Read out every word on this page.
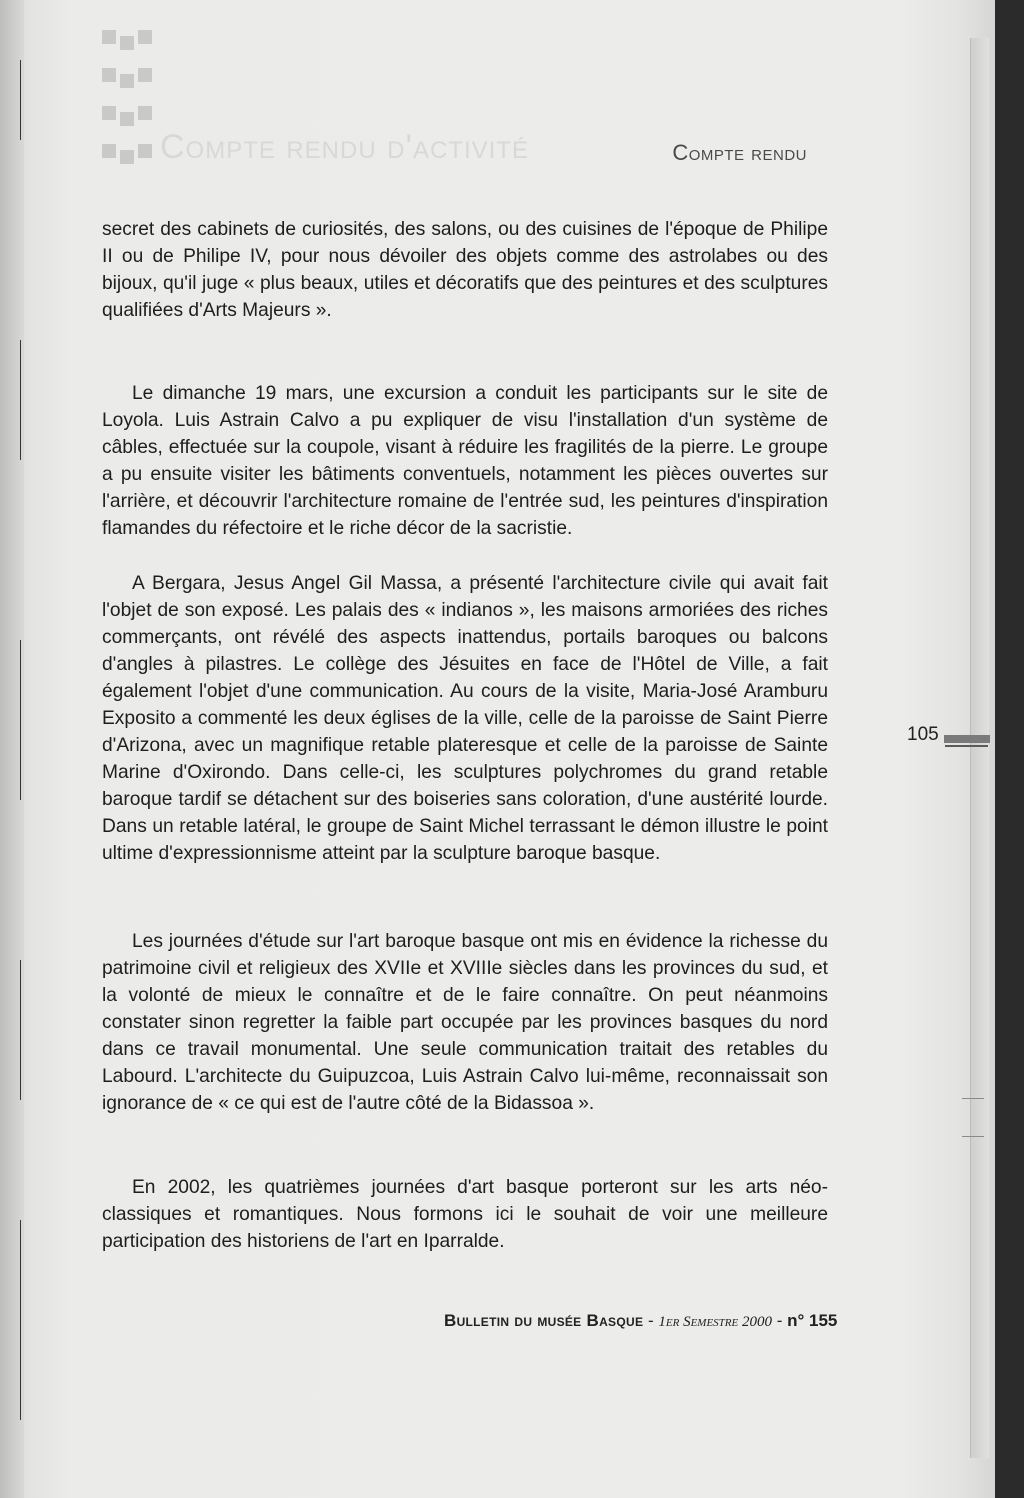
Compte rendu d'activité	Compte rendu

secret des cabinets de curiosités, des salons, ou des cuisines de l'époque de Philipe II ou de Philipe IV, pour nous dévoiler des objets comme des astrolabes ou des bijoux, qu'il juge « plus beaux, utiles et décoratifs que des peintures et des sculptures qualifiées d'Arts Majeurs ».

Le dimanche 19 mars, une excursion a conduit les participants sur le site de Loyola. Luis Astrain Calvo a pu expliquer de visu l'installation d'un système de câbles, effectuée sur la coupole, visant à réduire les fragilités de la pierre. Le groupe a pu ensuite visiter les bâtiments conventuels, notamment les pièces ouvertes sur l'arrière, et découvrir l'architecture romaine de l'entrée sud, les peintures d'inspiration flamandes du réfectoire et le riche décor de la sacristie.

A Bergara, Jesus Angel Gil Massa, a présenté l'architecture civile qui avait fait l'objet de son exposé. Les palais des « indianos », les maisons armoriées des riches commerçants, ont révélé des aspects inattendus, portails baroques ou balcons d'angles à pilastres. Le collège des Jésuites en face de l'Hôtel de Ville, a fait également l'objet d'une communication. Au cours de la visite, Maria-José Aramburu Exposito a commenté les deux églises de la ville, celle de la paroisse de Saint Pierre d'Arizona, avec un magnifique retable plateresque et celle de la paroisse de Sainte Marine d'Oxirondo. Dans celle-ci, les sculptures polychromes du grand retable baroque tardif se détachent sur des boiseries sans coloration, d'une austérité lourde. Dans un retable latéral, le groupe de Saint Michel terrassant le démon illustre le point ultime d'expressionnisme atteint par la sculpture baroque basque.

Les journées d'étude sur l'art baroque basque ont mis en évidence la richesse du patrimoine civil et religieux des XVIIe et XVIIIe siècles dans les provinces du sud, et la volonté de mieux le connaître et de le faire connaître. On peut néanmoins constater sinon regretter la faible part occupée par les provinces basques du nord dans ce travail monumental. Une seule communication traitait des retables du Labourd. L'architecte du Guipuzcoa, Luis Astrain Calvo lui-même, reconnaissait son ignorance de « ce qui est de l'autre côté de la Bidassoa ».

En 2002, les quatrièmes journées d'art basque porteront sur les arts néo-classiques et romantiques. Nous formons ici le souhait de voir une meilleure participation des historiens de l'art en Iparralde.

105
Bulletin du musée Basque - 1er Semestre 2000 - n° 155
